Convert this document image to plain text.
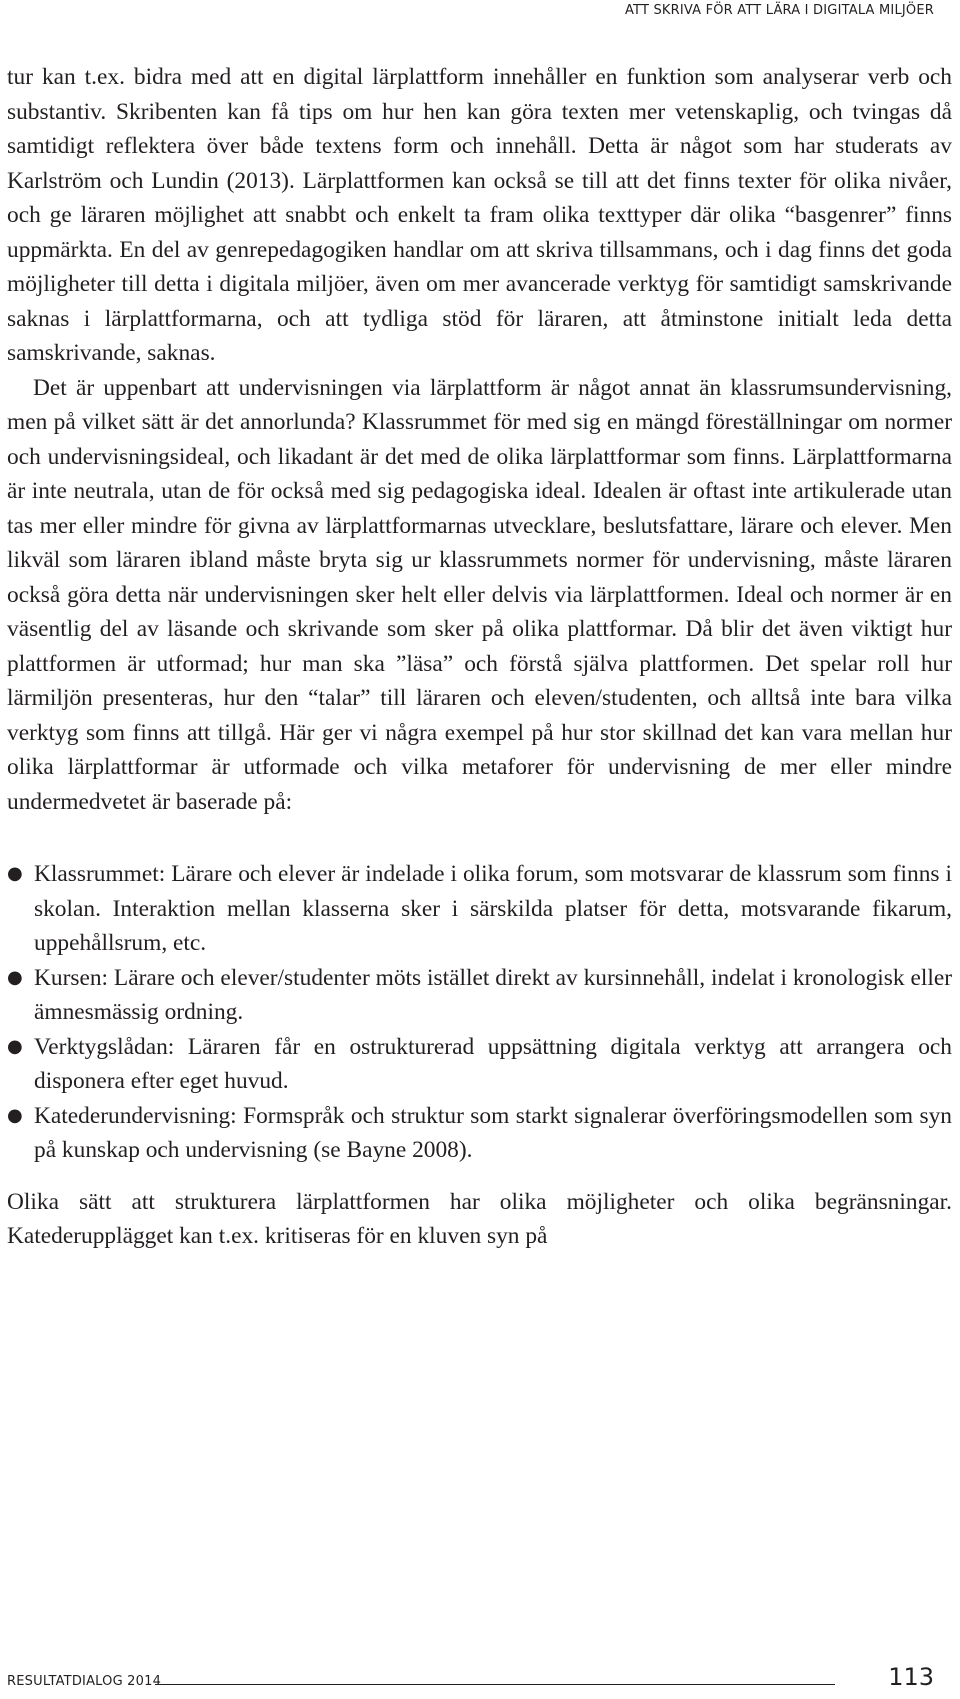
ATT SKRIVA FÖR ATT LÄRA I DIGITALA MILJÖER

tur kan t.ex. bidra med att en digital lärplattform innehåller en funktion som analyserar verb och substantiv. Skribenten kan få tips om hur hen kan göra texten mer vetenskaplig, och tvingas då samtidigt reflektera över både textens form och innehåll. Detta är något som har studerats av Karlström och Lundin (2013). Lärplattformen kan också se till att det finns texter för olika nivåer, och ge läraren möjlighet att snabbt och enkelt ta fram olika texttyper där olika “basgenrer” finns uppmärkta. En del av genrepedagogiken handlar om att skriva tillsammans, och i dag finns det goda möjligheter till detta i digitala miljöer, även om mer avancerade verktyg för samtidigt samskrivande saknas i lärplattformarna, och att tydliga stöd för läraren, att åtminstone initialt leda detta samskrivande, saknas.

Det är uppenbart att undervisningen via lärplattform är något annat än klassrumsundervisning, men på vilket sätt är det annorlunda? Klassrummet för med sig en mängd föreställningar om normer och undervisningsideal, och likadant är det med de olika lärplattformar som finns. Lärplattformarna är inte neutrala, utan de för också med sig pedagogiska ideal. Idealen är oftast inte artikulerade utan tas mer eller mindre för givna av lärplattformarnas utvecklare, beslutsfattare, lärare och elever. Men likväl som läraren ibland måste bryta sig ur klassrummets normer för undervisning, måste läraren också göra detta när undervisningen sker helt eller delvis via lärplattformen. Ideal och normer är en väsentlig del av läsande och skrivande som sker på olika plattformar. Då blir det även viktigt hur plattformen är utformad; hur man ska ”läsa” och förstå själva plattformen. Det spelar roll hur lärmiljön presenteras, hur den “talar” till läraren och eleven/studenten, och alltså inte bara vilka verktyg som finns att tillgå. Här ger vi några exempel på hur stor skillnad det kan vara mellan hur olika lärplattformar är utformade och vilka metaforer för undervisning de mer eller mindre undermedvetet är baserade på:

● Klassrummet: Lärare och elever är indelade i olika forum, som motsvarar de klassrum som finns i skolan. Interaktion mellan klasserna sker i särskilda platser för detta, motsvarande fikarum, uppehållsrum, etc.
● Kursen: Lärare och elever/studenter möts istället direkt av kursinnehåll, indelat i kronologisk eller ämnesmässig ordning.
● Verktygslådan: Läraren får en ostrukturerad uppsättning digitala verktyg att arrangera och disponera efter eget huvud.
● Katederundervisning: Formspråk och struktur som starkt signalerar överföringsmodellen som syn på kunskap och undervisning (se Bayne 2008).

Olika sätt att strukturera lärplattformen har olika möjligheter och olika begränsningar. Katederupplägget kan t.ex. kritiseras för en kluven syn på

RESULTATDIALOG 2014	113
